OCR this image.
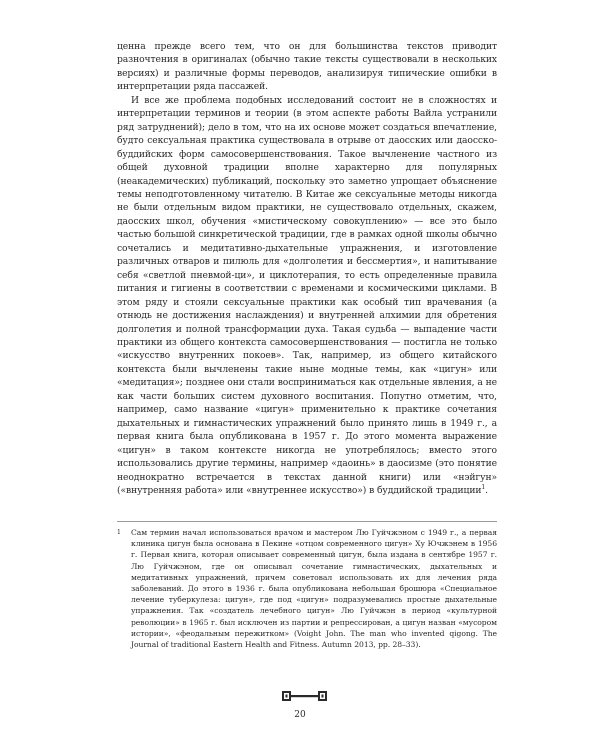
ценна прежде всего тем, что он для большинства текстов приводит разночтения в оригиналах (обычно такие тексты существовали в нескольких версиях) и различные формы переводов, анализируя типические ошибки в интерпретации ряда пассажей.

И все же проблема подобных исследований состоит не в сложностях и интерпретации терминов и теории (в этом аспекте работы Вайла устранили ряд затруднений); дело в том, что на их основе может создаться впечатление, будто сексуальная практика существовала в отрыве от даосских или даосско-буддийских форм самосовершенствования. Такое вычленение частного из общей духовной традиции вполне характерно для популярных (неакадемических) публикаций, поскольку это заметно упрощает объяснение темы неподготовленному читателю. В Китае же сексуальные методы никогда не были отдельным видом практики, не существовало отдельных, скажем, даосских школ, обучения «мистическому совокуплению» — все это было частью большой синкретической традиции, где в рамках одной школы обычно сочетались и медитативно-дыхательные упражнения, и изготовление различных отваров и пилюль для «долголетия и бессмертия», и напитывание себя «светлой пневмой-ци», и циклотерапия, то есть определенные правила питания и гигиены в соответствии с временами и космическими циклами. В этом ряду и стояли сексуальные практики как особый тип врачевания (а отнюдь не достижения наслаждения) и внутренней алхимии для обретения долголетия и полной трансформации духа. Такая судьба — выпадение части практики из общего контекста самосовершенствования — постигла не только «искусство внутренних покоев». Так, например, из общего китайского контекста были вычленены такие ныне модные темы, как «цигун» или «медитация»; позднее они стали восприниматься как отдельные явления, а не как части больших систем духовного воспитания. Попутно отметим, что, например, само название «цигун» применительно к практике сочетания дыхательных и гимнастических упражнений было принято лишь в 1949 г., а первая книга была опубликована в 1957 г. До этого момента выражение «цигун» в таком контексте никогда не употреблялось; вместо этого использовались другие термины, например «даоинь» в даосизме (это понятие неоднократно встречается в текстах данной книги) или «нэйгун» («внутренняя работа» или «внутреннее искусство») в буддийской традиции$^1$.

1 Сам термин начал использоваться врачом и мастером Лю Гуйчжэном с 1949 г., а первая клиника цигун была основана в Пекине «отцом современного цигун» Ху Ючжэнем в 1956 г. Первая книга, которая описывает современный цигун, была издана в сентябре 1957 г. Лю Гуйчжэном, где он описывал сочетание гимнастических, дыхательных и медитативных упражнений, причем советовал использовать их для лечения ряда заболеваний. До этого в 1936 г. была опубликована небольшая брошюра «Специальное лечение туберкулеза: цигун», где под «цигун» подразумевались простые дыхательные упражнения. Так «создатель лечебного цигун» Лю Гуйчжэн в период «культурной революции» в 1965 г. был исключен из партии и репрессирован, а цигун назван «мусором истории», «феодальным пережитком» (Voight John. The man who invented qigong. The Journal of traditional Eastern Health and Fitness. Autumn 2013, pp. 28–33).
20
